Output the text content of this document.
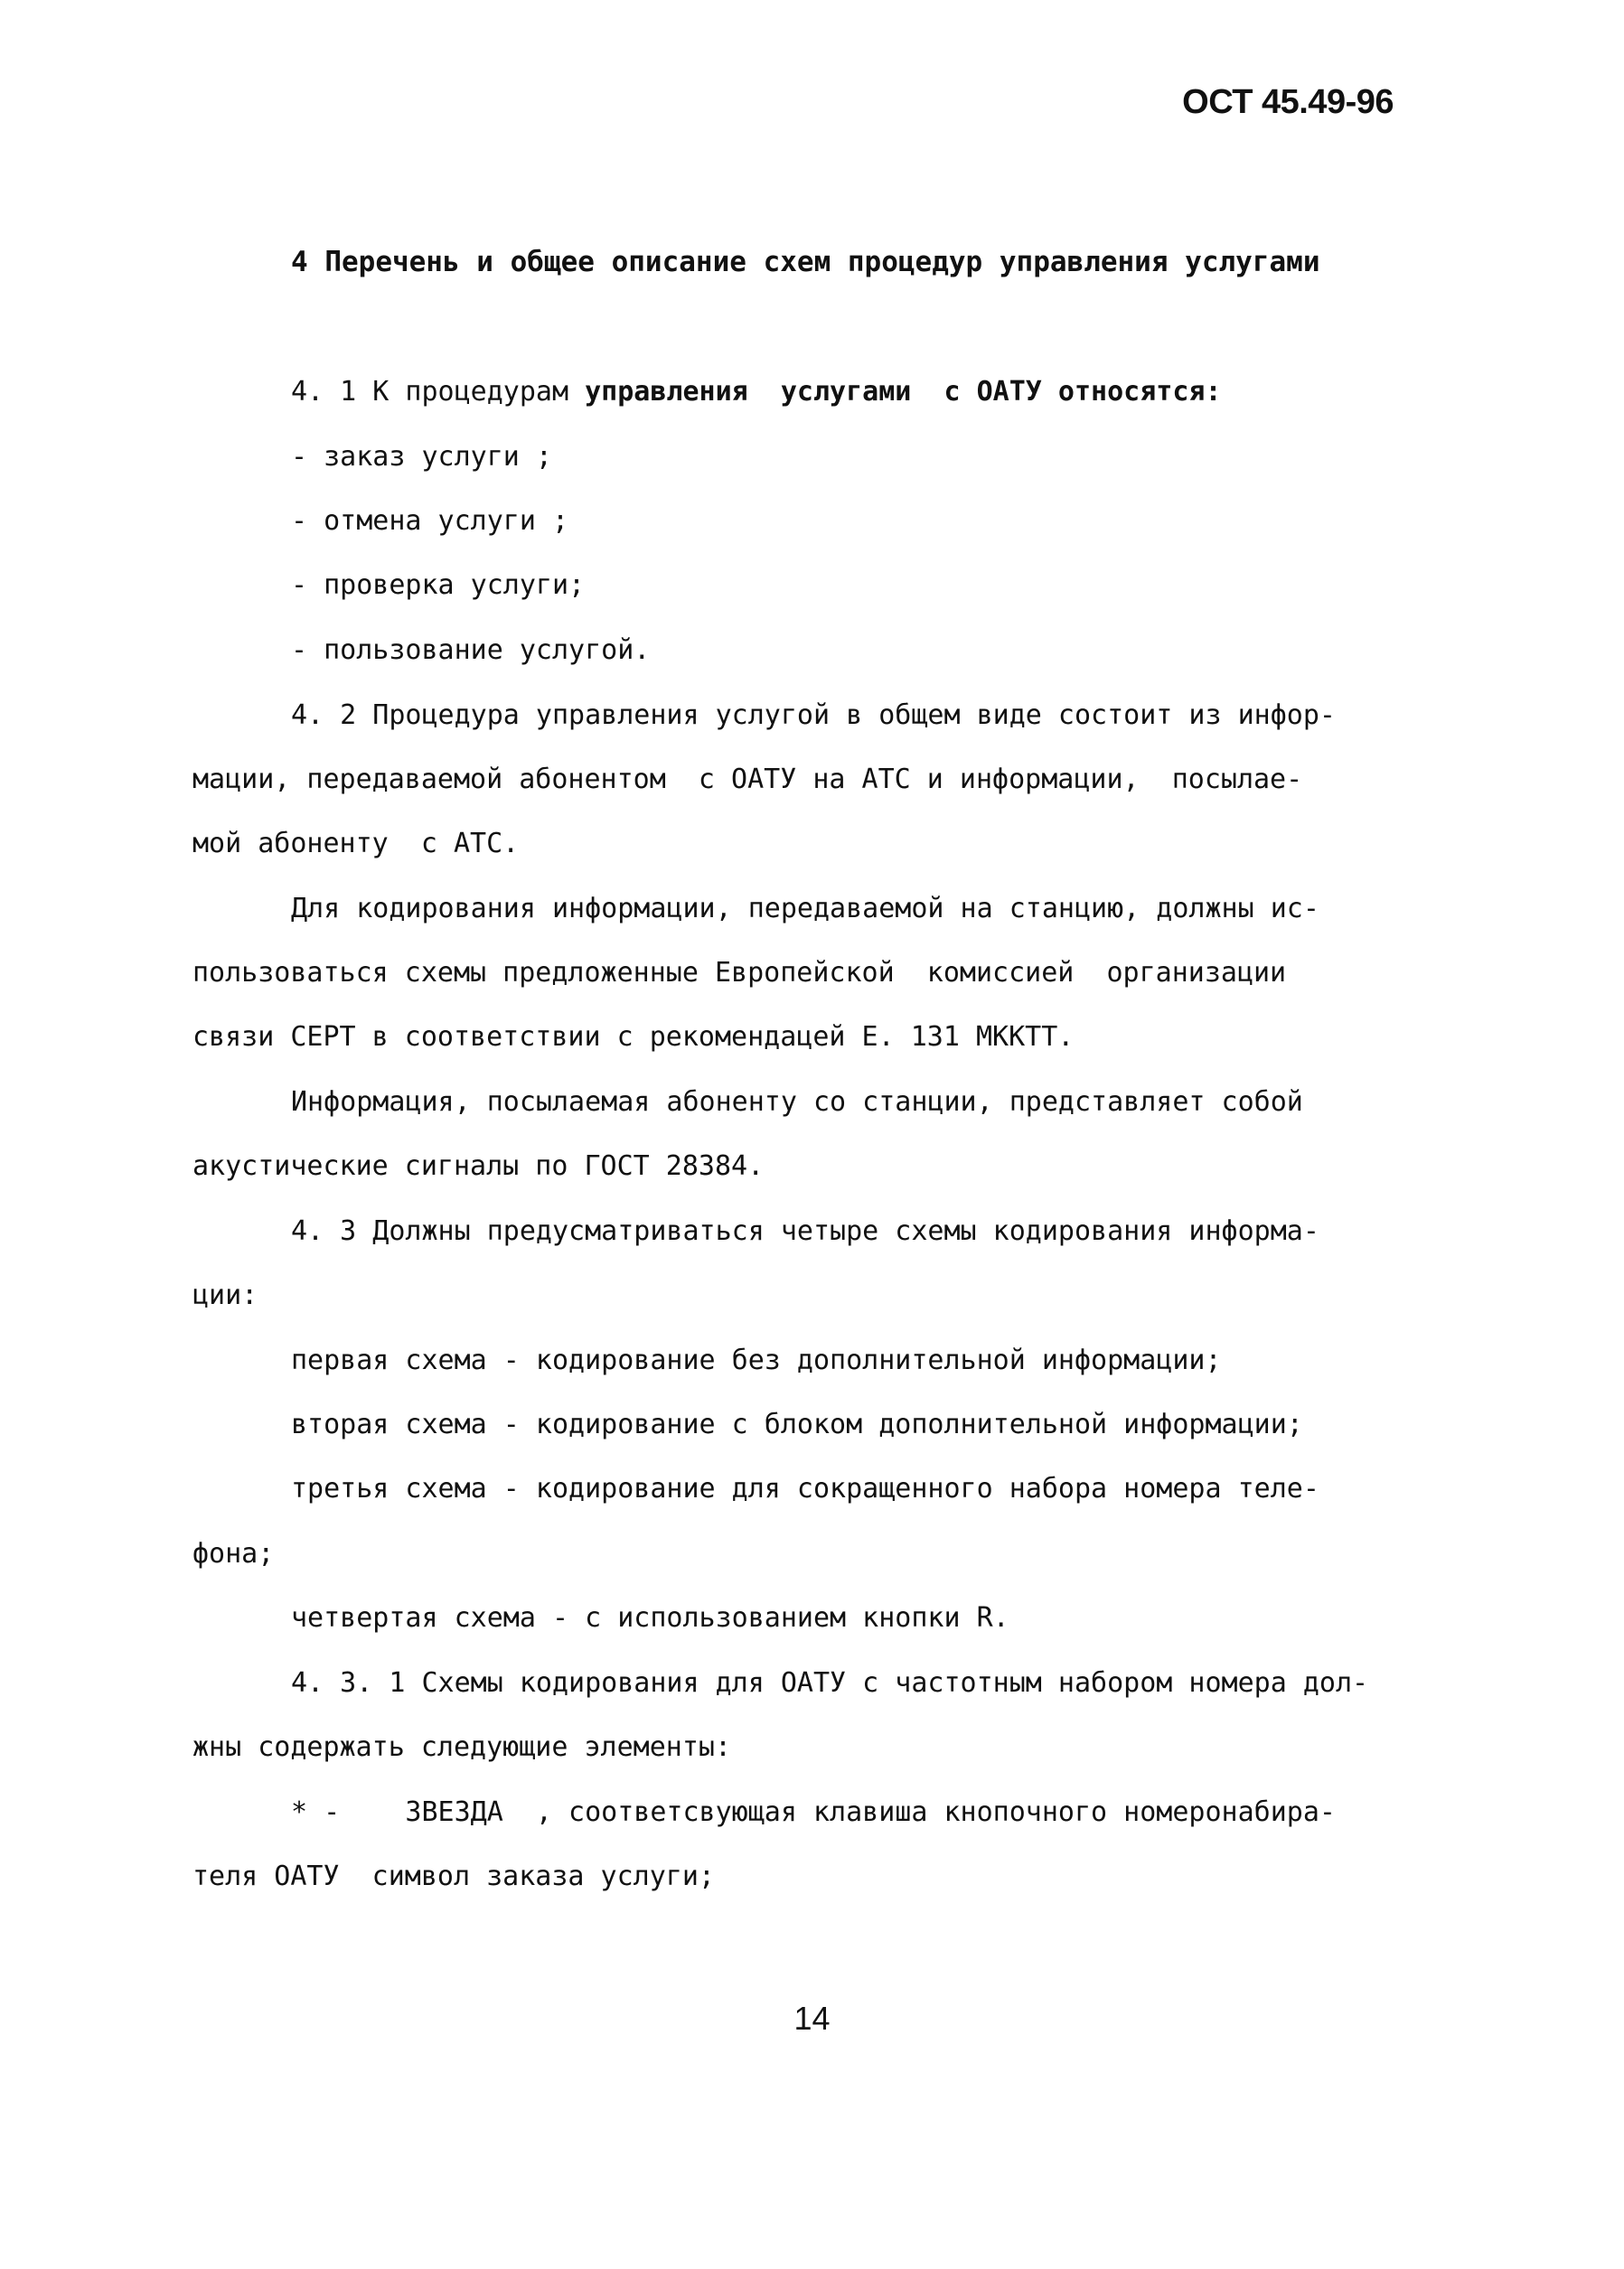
ОСТ 45.49-96
4 Перечень и общее описание схем процедур управления услугами
4. 1 К процедурам управления  услугами  с ОАТУ относятся:
- заказ услуги ;
- отмена услуги ;
- проверка услуги;
- пользование услугой.
4. 2 Процедура управления услугой в общем виде состоит из инфор-
мации, передаваемой абонентом  с ОАТУ на АТС и информации,  посылае-
мой абоненту  с АТС.
Для кодирования информации, передаваемой на станцию, должны ис-
пользоваться схемы предложенные Европейской  комиссией  организации
связи СЕРТ в соответствии с рекомендацей Е. 131 МККТТ.
Информация, посылаемая абоненту со станции, представляет собой
акустические сигналы по ГОСТ 28384.
4. 3 Должны предусматриваться четыре схемы кодирования информа-
ции:
первая схема - кодирование без дополнительной информации;
вторая схема - кодирование с блоком дополнительной информации;
третья схема - кодирование для сокращенного набора номера теле-
фона;
четвертая схема - с использованием кнопки R.
4. 3. 1 Схемы кодирования для ОАТУ с частотным набором номера дол-
жны содержать следующие элементы:
* -    ЗВЕЗДА  , соответсвующая клавиша кнопочного номеронабира-
теля ОАТУ  символ заказа услуги;
14
